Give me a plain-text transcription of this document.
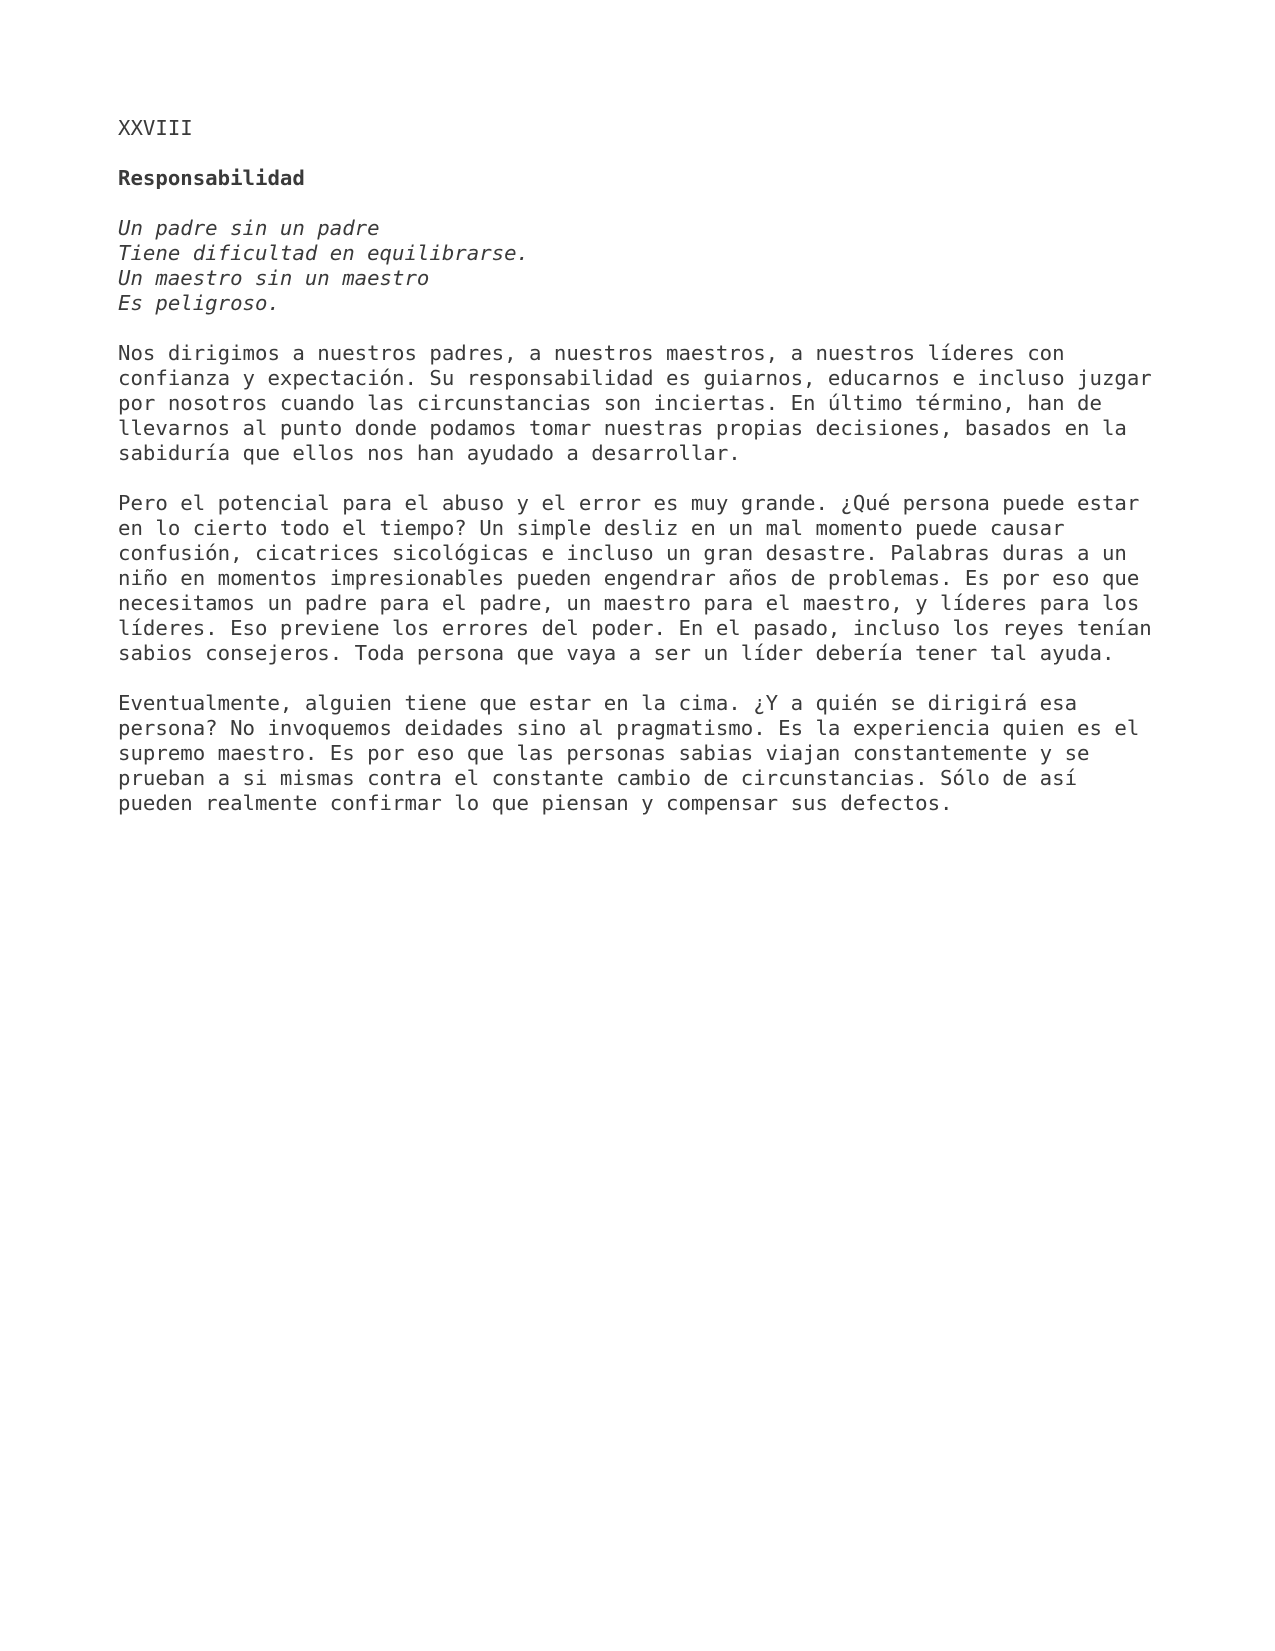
XXVIII
Responsabilidad
Un padre sin un padre
Tiene dificultad en equilibrarse.
Un maestro sin un maestro
Es peligroso.
Nos dirigimos a nuestros padres, a nuestros maestros, a nuestros líderes con
confianza y expectación. Su responsabilidad es guiarnos, educarnos e incluso juzgar
por nosotros cuando las circunstancias son inciertas. En último término, han de
llevarnos al punto donde podamos tomar nuestras propias decisiones, basados en la
sabiduría que ellos nos han ayudado a desarrollar.
Pero el potencial para el abuso y el error es muy grande. ¿Qué persona puede estar
en lo cierto todo el tiempo? Un simple desliz en un mal momento puede causar
confusión, cicatrices sicológicas e incluso un gran desastre. Palabras duras a un
niño en momentos impresionables pueden engendrar años de problemas. Es por eso que
necesitamos un padre para el padre, un maestro para el maestro, y líderes para los
líderes. Eso previene los errores del poder. En el pasado, incluso los reyes tenían
sabios consejeros. Toda persona que vaya a ser un líder debería tener tal ayuda.
Eventualmente, alguien tiene que estar en la cima. ¿Y a quién se dirigirá esa
persona? No invoquemos deidades sino al pragmatismo. Es la experiencia quien es el
supremo maestro. Es por eso que las personas sabias viajan constantemente y se
prueban a si mismas contra el constante cambio de circunstancias. Sólo de así
pueden realmente confirmar lo que piensan y compensar sus defectos.
